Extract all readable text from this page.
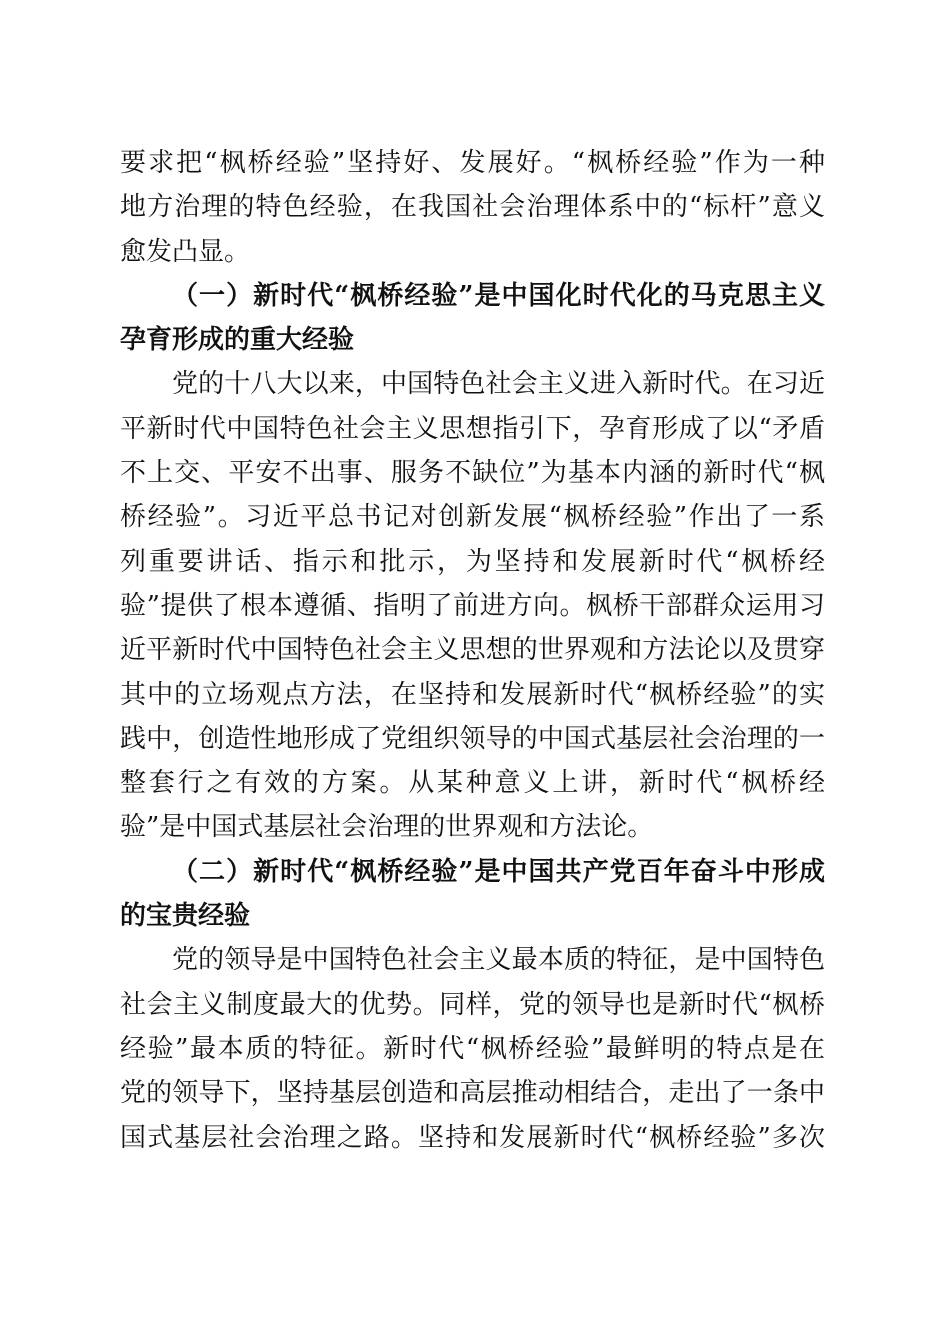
要求把“枫桥经验”坚持好、发展好。“枫桥经验”作为一种
地方治理的特色经验，在我国社会治理体系中的“标杆”意义
愈发凸显。
（一）新时代“枫桥经验”是中国化时代化的马克思主义
孕育形成的重大经验
党的十八大以来，中国特色社会主义进入新时代。在习近
平新时代中国特色社会主义思想指引下，孕育形成了以“矛盾
不上交、平安不出事、服务不缺位”为基本内涵的新时代“枫
桥经验”。习近平总书记对创新发展“枫桥经验”作出了一系
列重要讲话、指示和批示，为坚持和发展新时代“枫桥经
验”提供了根本遵循、指明了前进方向。枫桥干部群众运用习
近平新时代中国特色社会主义思想的世界观和方法论以及贯穿
其中的立场观点方法，在坚持和发展新时代“枫桥经验”的实
践中，创造性地形成了党组织领导的中国式基层社会治理的一
整套行之有效的方案。从某种意义上讲，新时代“枫桥经
验”是中国式基层社会治理的世界观和方法论。
（二）新时代“枫桥经验”是中国共产党百年奋斗中形成
的宝贵经验
党的领导是中国特色社会主义最本质的特征，是中国特色
社会主义制度最大的优势。同样，党的领导也是新时代“枫桥
经验”最本质的特征。新时代“枫桥经验”最鲜明的特点是在
党的领导下，坚持基层创造和高层推动相结合，走出了一条中
国式基层社会治理之路。坚持和发展新时代“枫桥经验”多次
